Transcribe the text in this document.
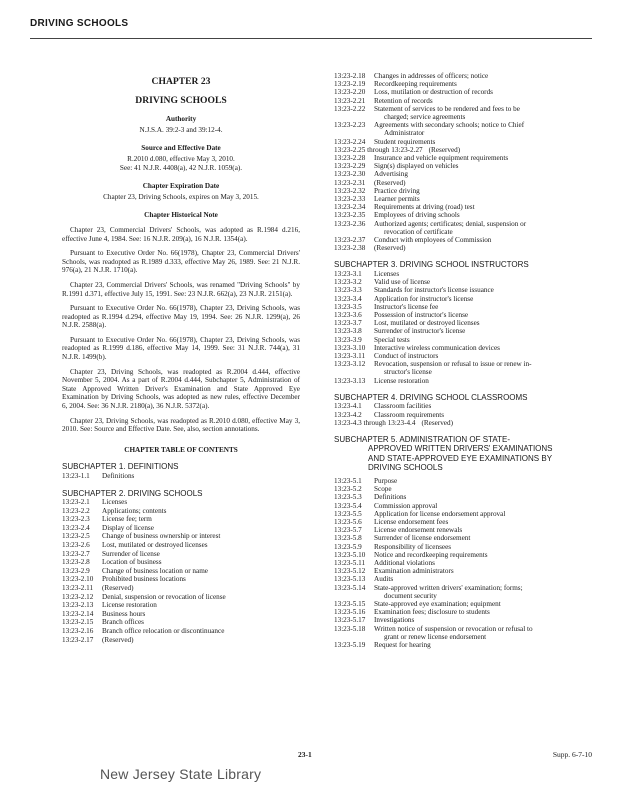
DRIVING SCHOOLS
CHAPTER 23
DRIVING SCHOOLS
Authority
N.J.S.A. 39:2-3 and 39:12-4.
Source and Effective Date
R.2010 d.080, effective May 3, 2010.
See: 41 N.J.R. 4408(a), 42 N.J.R. 1059(a).
Chapter Expiration Date
Chapter 23, Driving Schools, expires on May 3, 2015.
Chapter Historical Note
Chapter 23, Commercial Drivers' Schools, was adopted as R.1984 d.216, effective June 4, 1984. See: 16 N.J.R. 209(a), 16 N.J.R. 1354(a).
Pursuant to Executive Order No. 66(1978), Chapter 23, Commercial Drivers' Schools, was readopted as R.1989 d.333, effective May 26, 1989. See: 21 N.J.R. 976(a), 21 N.J.R. 1710(a).
Chapter 23, Commercial Drivers' Schools, was renamed "Driving Schools" by R.1991 d.371, effective July 15, 1991. See: 23 N.J.R. 662(a), 23 N.J.R. 2151(a).
Pursuant to Executive Order No. 66(1978), Chapter 23, Driving Schools, was readopted as R.1994 d.294, effective May 19, 1994. See: 26 N.J.R. 1299(a), 26 N.J.R. 2588(a).
Pursuant to Executive Order No. 66(1978), Chapter 23, Driving Schools, was readopted as R.1999 d.186, effective May 14, 1999. See: 31 N.J.R. 744(a), 31 N.J.R. 1499(b).
Chapter 23, Driving Schools, was readopted as R.2004 d.444, effective November 5, 2004. As a part of R.2004 d.444, Subchapter 5, Administration of State Approved Written Driver's Examination and State Approved Eye Examination by Driving Schools, was adopted as new rules, effective December 6, 2004. See: 36 N.J.R. 2180(a), 36 N.J.R. 5372(a).
Chapter 23, Driving Schools, was readopted as R.2010 d.080, effective May 3, 2010. See: Source and Effective Date. See, also, section annotations.
CHAPTER TABLE OF CONTENTS
SUBCHAPTER 1. DEFINITIONS
13:23-1.1	Definitions
SUBCHAPTER 2. DRIVING SCHOOLS
13:23-2.1	Licenses
13:23-2.2	Applications; contents
13:23-2.3	License fee; term
13:23-2.4	Display of license
13:23-2.5	Change of business ownership or interest
13:23-2.6	Lost, mutilated or destroyed licenses
13:23-2.7	Surrender of license
13:23-2.8	Location of business
13:23-2.9	Change of business location or name
13:23-2.10	Prohibited business locations
13:23-2.11	(Reserved)
13:23-2.12	Denial, suspension or revocation of license
13:23-2.13	License restoration
13:23-2.14	Business hours
13:23-2.15	Branch offices
13:23-2.16	Branch office relocation or discontinuance
13:23-2.17	(Reserved)
13:23-2.18	Changes in addresses of officers; notice
13:23-2.19	Recordkeeping requirements
13:23-2.20	Loss, mutilation or destruction of records
13:23-2.21	Retention of records
13:23-2.22	Statement of services to be rendered and fees to be
charged; service agreements
13:23-2.23	Agreements with secondary schools; notice to Chief
Administrator
13:23-2.24	Student requirements
13:23-2.25 through 13:23-2.27 (Reserved)
13:23-2.28	Insurance and vehicle equipment requirements
13:23-2.29	Sign(s) displayed on vehicles
13:23-2.30	Advertising
13:23-2.31	(Reserved)
13:23-2.32	Practice driving
13:23-2.33	Learner permits
13:23-2.34	Requirements at driving (road) test
13:23-2.35	Employees of driving schools
13:23-2.36	Authorized agents; certificates; denial, suspension or
revocation of certificate
13:23-2.37	Conduct with employees of Commission
13:23-2.38	(Reserved)
SUBCHAPTER 3. DRIVING SCHOOL INSTRUCTORS
13:23-3.1	Licenses
13:23-3.2	Valid use of license
13:23-3.3	Standards for instructor's license issuance
13:23-3.4	Application for instructor's license
13:23-3.5	Instructor's license fee
13:23-3.6	Possession of instructor's license
13:23-3.7	Lost, mutilated or destroyed licenses
13:23-3.8	Surrender of instructor's license
13:23-3.9	Special tests
13:23-3.10	Interactive wireless communication devices
13:23-3.11	Conduct of instructors
13:23-3.12	Revocation, suspension or refusal to issue or renew in-
structor's license
13:23-3.13	License restoration
SUBCHAPTER 4. DRIVING SCHOOL CLASSROOMS
13:23-4.1	Classroom facilities
13:23-4.2	Classroom requirements
13:23-4.3 through 13:23-4.4 (Reserved)
SUBCHAPTER 5. ADMINISTRATION OF STATE-
APPROVED WRITTEN DRIVERS' EXAMINATIONS
AND STATE-APPROVED EYE EXAMINATIONS BY
DRIVING SCHOOLS
13:23-5.1	Purpose
13:23-5.2	Scope
13:23-5.3	Definitions
13:23-5.4	Commission approval
13:23-5.5	Application for license endorsement approval
13:23-5.6	License endorsement fees
13:23-5.7	License endorsement renewals
13:23-5.8	Surrender of license endorsement
13:23-5.9	Responsibility of licensees
13:23-5.10	Notice and recordkeeping requirements
13:23-5.11	Additional violations
13:23-5.12	Examination administrators
13:23-5.13	Audits
13:23-5.14	State-approved written drivers' examination; forms;
document security
13:23-5.15	State-approved eye examination; equipment
13:23-5.16	Examination fees; disclosure to students
13:23-5.17	Investigations
13:23-5.18	Written notice of suspension or revocation or refusal to
grant or renew license endorsement
13:23-5.19	Request for hearing
23-1	Supp. 6-7-10
New Jersey State Library
